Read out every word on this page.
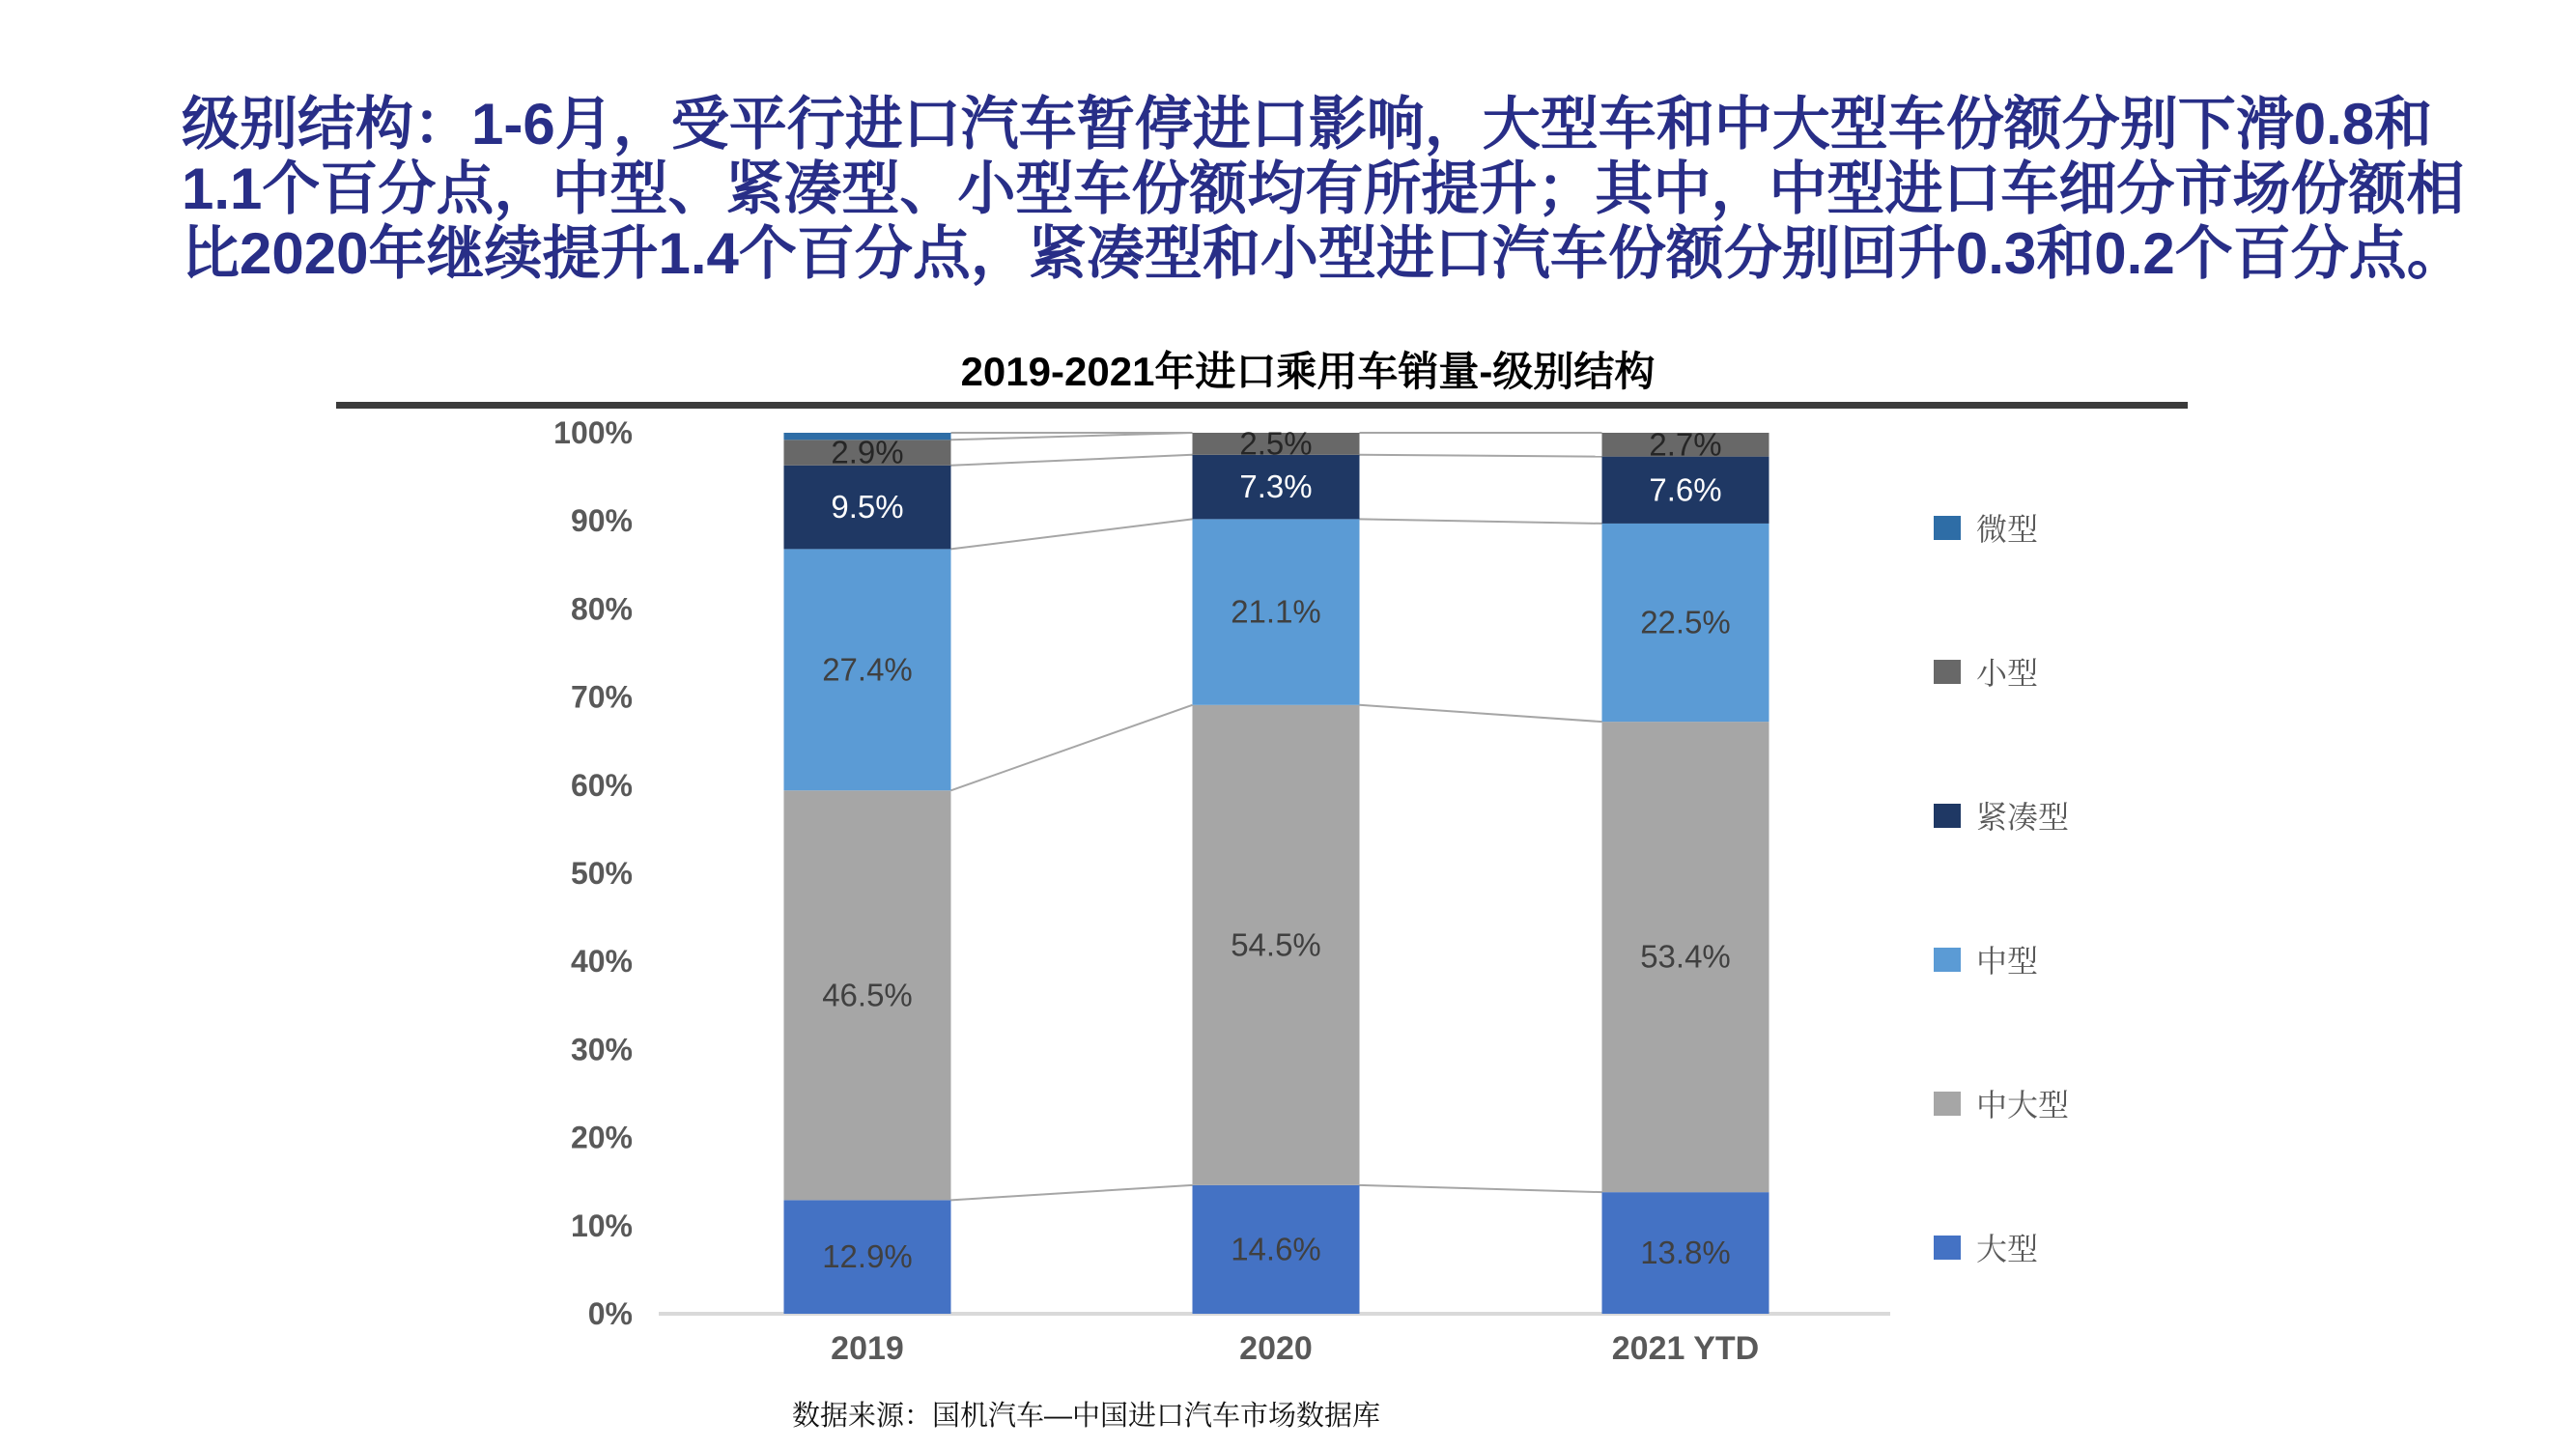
级别结构：1-6月，受平行进口汽车暂停进口影响，大型车和中大型车份额分别下滑0.8和
1.1个百分点，中型、紧凑型、小型车份额均有所提升；其中，中型进口车细分市场份额相
比2020年继续提升1.4个百分点，紧凑型和小型进口汽车份额分别回升0.3和0.2个百分点。
2019-2021年进口乘用车销量-级别结构
0%
10%
20%
30%
40%
50%
60%
70%
80%
90%
100%
12.9%	14.6%	13.8%
46.5%
54.5%	53.4%
27.4%
21.1%	22.5%
9.5%
7.3%	7.6%
2.9%	2.5%	2.7%
2019	2020	2021 YTD
微型
小型
紧凑型
中型
中大型
大型
数据来源：国机汽车—中国进口汽车市场数据库
